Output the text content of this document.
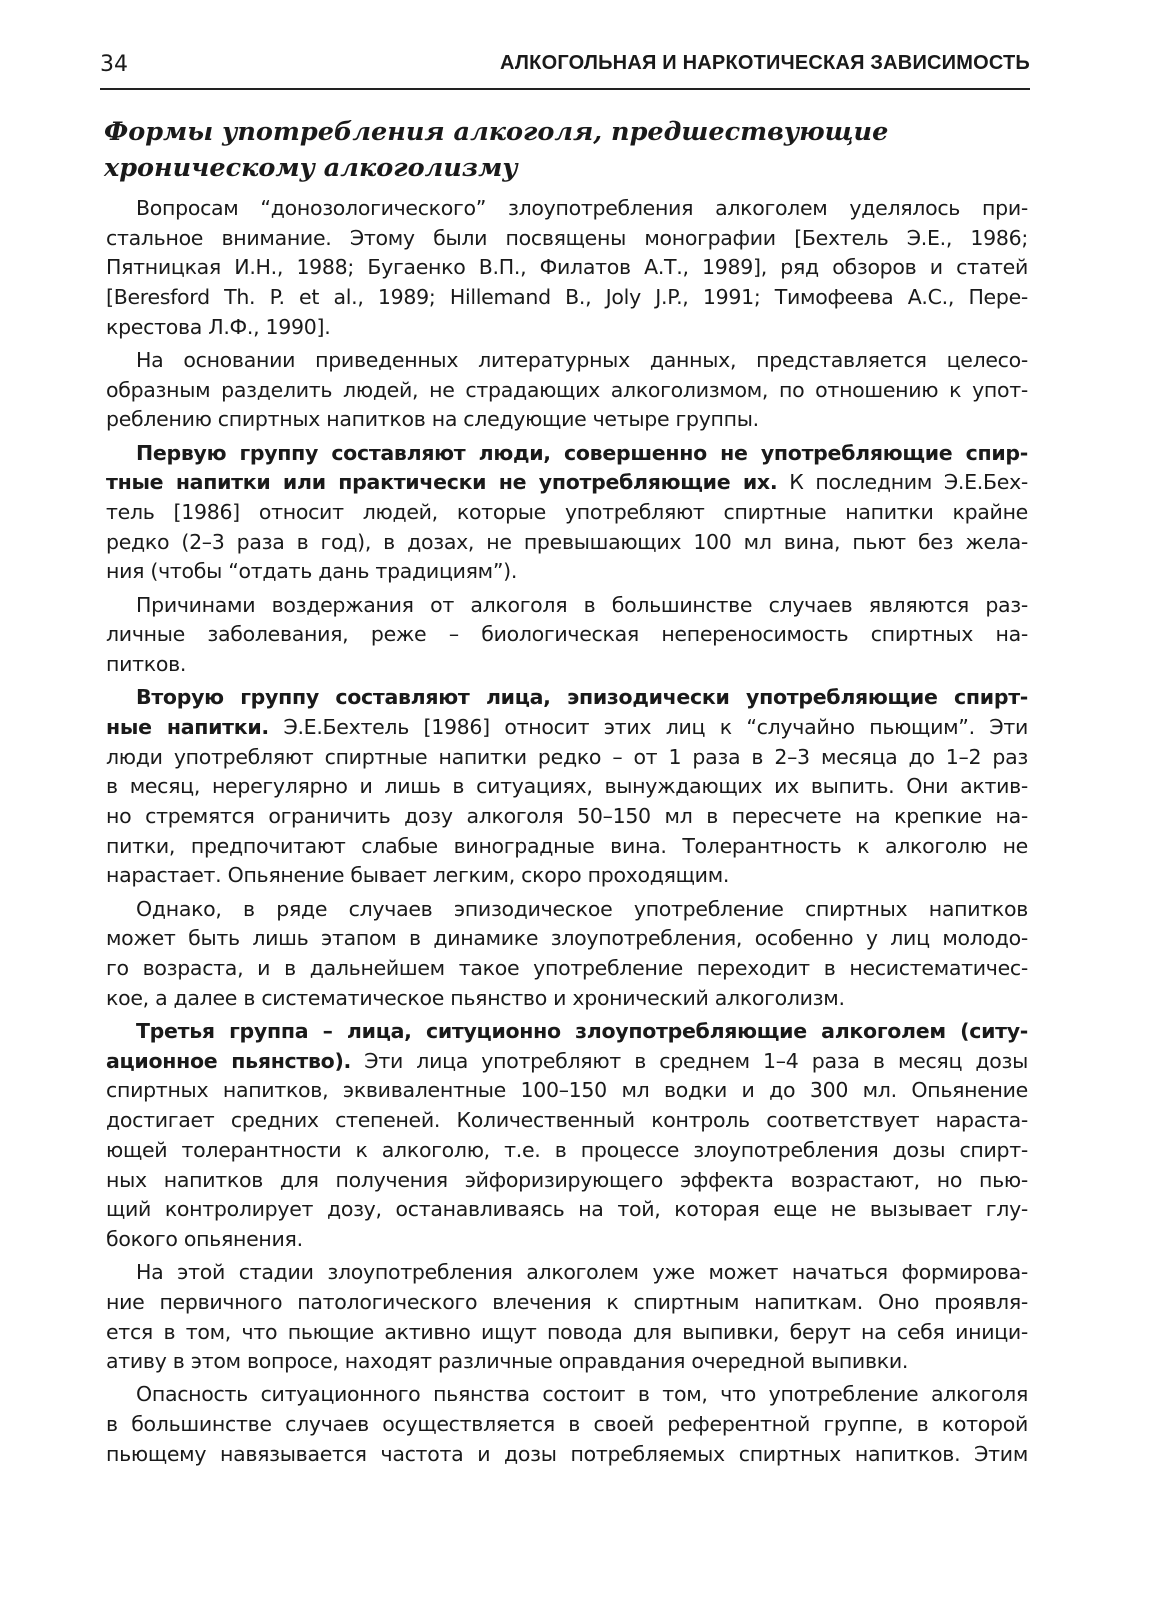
34	АЛКОГОЛЬНАЯ И НАРКОТИЧЕСКАЯ ЗАВИСИМОСТЬ
Формы употребления алкоголя, предшествующие
хроническому алкоголизму

Вопросам “донозологического” злоупотребления алкоголем уделялось при-
стальное внимание. Этому были посвящены монографии [Бехтель Э.Е., 1986;
Пятницкая И.Н., 1988; Бугаенко В.П., Филатов А.Т., 1989], ряд обзоров и статей
[Beresford Th. P. et al., 1989; Hillemand B., Joly J.P., 1991; Тимофеева А.С., Пере-
крестова Л.Ф., 1990].

На основании приведенных литературных данных, представляется целесо-
образным разделить людей, не страдающих алкоголизмом, по отношению к упот-
реблению спиртных напитков на следующие четыре группы.

Первую группу составляют люди, совершенно не употребляющие спир-
тные напитки или практически не употребляющие их. К последним Э.Е.Бех-
тель [1986] относит людей, которые употребляют спиртные напитки крайне
редко (2–3 раза в год), в дозах, не превышающих 100 мл вина, пьют без жела-
ния (чтобы “отдать дань традициям”).

Причинами воздержания от алкоголя в большинстве случаев являются раз-
личные заболевания, реже – биологическая непереносимость спиртных на-
питков.

Вторую группу составляют лица, эпизодически употребляющие спирт-
ные напитки. Э.Е.Бехтель [1986] относит этих лиц к “случайно пьющим”. Эти
люди употребляют спиртные напитки редко – от 1 раза в 2–3 месяца до 1–2 раз
в месяц, нерегулярно и лишь в ситуациях, вынуждающих их выпить. Они актив-
но стремятся ограничить дозу алкоголя 50–150 мл в пересчете на крепкие на-
питки, предпочитают слабые виноградные вина. Толерантность к алкоголю не
нарастает. Опьянение бывает легким, скоро проходящим.

Однако, в ряде случаев эпизодическое употребление спиртных напитков
может быть лишь этапом в динамике злоупотребления, особенно у лиц молодо-
го возраста, и в дальнейшем такое употребление переходит в несистематичес-
кое, а далее в систематическое пьянство и хронический алкоголизм.

Третья группа – лица, ситуционно злоупотребляющие алкоголем (ситу-
ационное пьянство). Эти лица употребляют в среднем 1–4 раза в месяц дозы
спиртных напитков, эквивалентные 100–150 мл водки и до 300 мл. Опьянение
достигает средних степеней. Количественный контроль соответствует нараста-
ющей толерантности к алкоголю, т.е. в процессе злоупотребления дозы спирт-
ных напитков для получения эйфоризирующего эффекта возрастают, но пью-
щий контролирует дозу, останавливаясь на той, которая еще не вызывает глу-
бокого опьянения.

На этой стадии злоупотребления алкоголем уже может начаться формирова-
ние первичного патологического влечения к спиртным напиткам. Оно проявля-
ется в том, что пьющие активно ищут повода для выпивки, берут на себя иници-
ативу в этом вопросе, находят различные оправдания очередной выпивки.

Опасность ситуационного пьянства состоит в том, что употребление алкоголя
в большинстве случаев осуществляется в своей референтной группе, в которой
пьющему навязывается частота и дозы потребляемых спиртных напитков. Этим
